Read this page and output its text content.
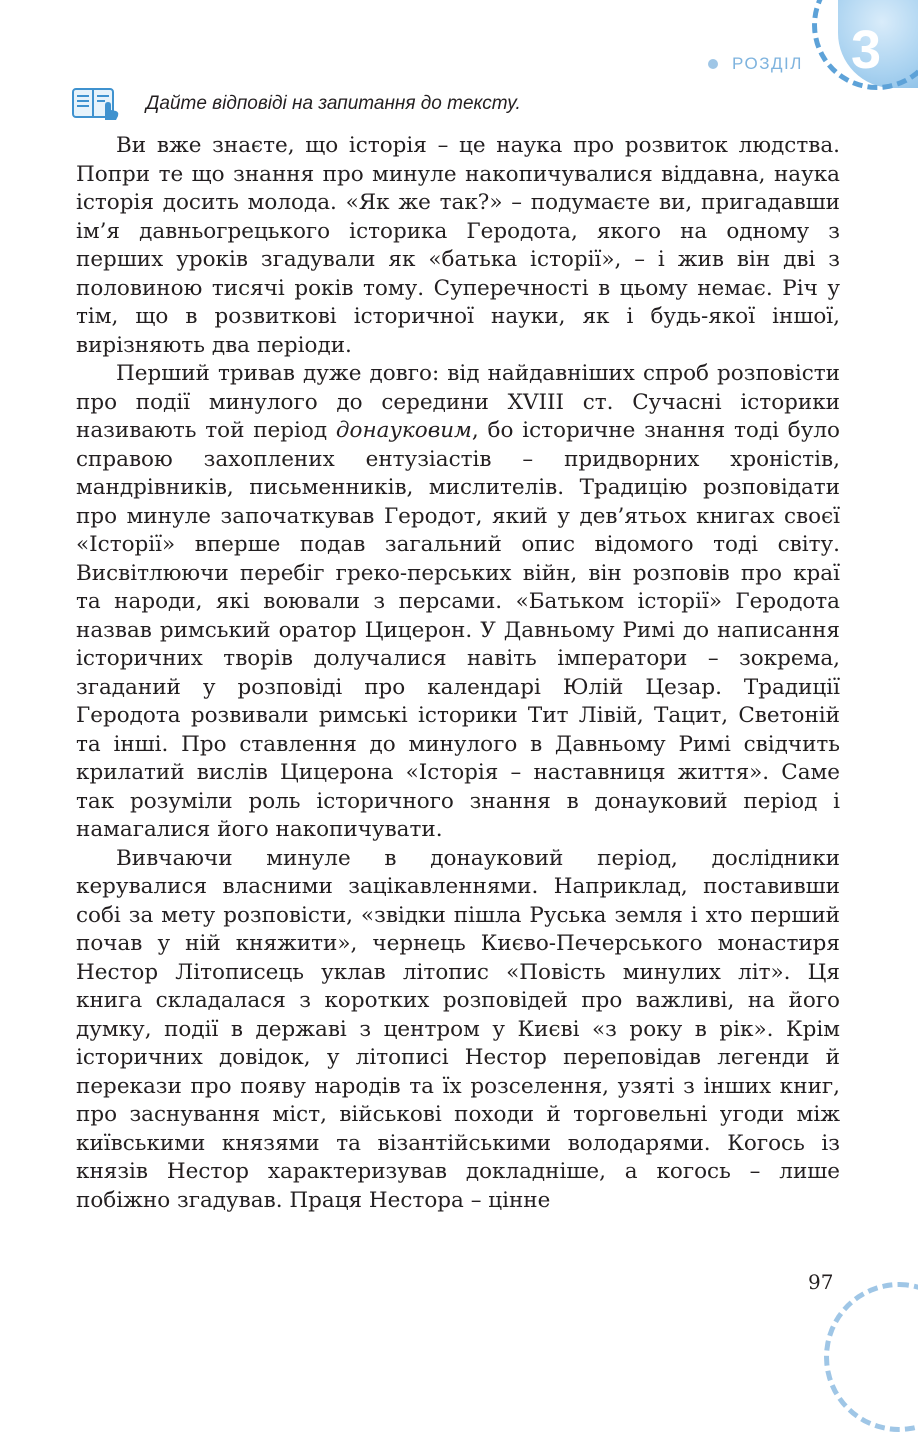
3
РОЗДІЛ
Дайте відповіді на запитання до тексту.

Ви вже знаєте, що історія – це наука про розвиток людства. Попри те що знання про минуле накопичувалися віддавна, наука історія досить молода. «Як же так?» – подумаєте ви, пригадавши ім’я давньогрецького історика Геродота, якого на одному з перших уроків згадували як «батька історії», – і жив він дві з половиною тисячі років тому. Суперечності в цьому немає. Річ у тім, що в розвиткові історичної науки, як і будь-якої іншої, вирізняють два періоди.

Перший тривав дуже довго: від найдавніших спроб розповісти про події минулого до середини XVIII ст. Сучасні історики називають той період донауковим, бо історичне знання тоді було справою захоплених ентузіастів – придворних хроністів, мандрівників, письменників, мислителів. Традицію розповідати про минуле започаткував Геродот, який у дев’ятьох книгах своєї «Історії» вперше подав загальний опис відомого тоді світу. Висвітлюючи перебіг греко-перських війн, він розповів про краї та народи, які воювали з персами. «Батьком історії» Геродота назвав римський оратор Цицерон. У Давньому Римі до написання історичних творів долучалися навіть імператори – зокрема, згаданий у розповіді про календарі Юлій Цезар. Традиції Геродота розвивали римські історики Тит Лівій, Тацит, Светоній та інші. Про ставлення до минулого в Давньому Римі свідчить крилатий вислів Цицерона «Історія – наставниця життя». Саме так розуміли роль історичного знання в донауковий період і намагалися його накопичувати.

Вивчаючи минуле в донауковий період, дослідники керувалися власними зацікавленнями. Наприклад, поставивши собі за мету розповісти, «звідки пішла Руська земля і хто перший почав у ній княжити», чернець Києво-Печерського монастиря Нестор Літописець уклав літопис «Повість минулих літ». Ця книга складалася з коротких розповідей про важливі, на його думку, події в державі з центром у Києві «з року в рік». Крім історичних довідок, у літописі Нестор переповідав легенди й перекази про появу народів та їх розселення, узяті з інших книг, про заснування міст, військові походи й торговельні угоди між київськими князями та візантійськими володарями. Когось із князів Нестор характеризував докладніше, а когось – лише побіжно згадував. Праця Нестора – цінне

97
